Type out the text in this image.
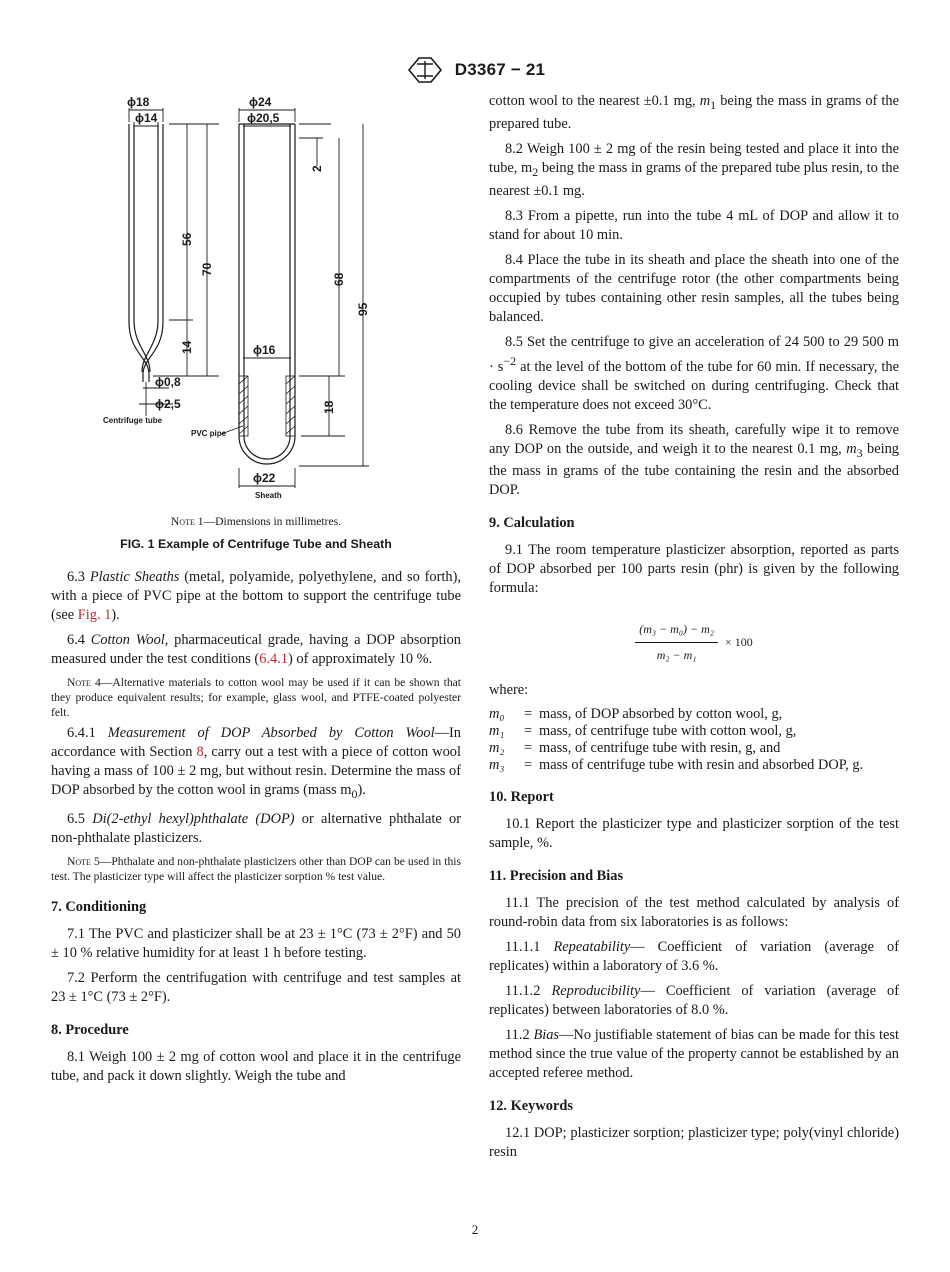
D3367 − 21
ϕ18
ϕ14
56
70
14
ϕ0,8
ϕ2,5
Centrifuge tube
ϕ24
ϕ20,5
2
68
95
ϕ16
18
ϕ22
PVC pipe
Sheath

Note 1—Dimensions in millimetres.

FIG. 1 Example of Centrifuge Tube and Sheath

6.3 Plastic Sheaths (metal, polyamide, polyethylene, and so forth), with a piece of PVC pipe at the bottom to support the centrifuge tube (see Fig. 1).

6.4 Cotton Wool, pharmaceutical grade, having a DOP absorption measured under the test conditions (6.4.1) of approximately 10 %.

Note 4—Alternative materials to cotton wool may be used if it can be shown that they produce equivalent results; for example, glass wool, and PTFE-coated polyester felt.

6.4.1 Measurement of DOP Absorbed by Cotton Wool—In accordance with Section 8, carry out a test with a piece of cotton wool having a mass of 100 ± 2 mg, but without resin. Determine the mass of DOP absorbed by the cotton wool in grams (mass $m_0$).

6.5 Di(2-ethyl hexyl)phthalate (DOP) or alternative phthalate or non-phthalate plasticizers.

Note 5—Phthalate and non-phthalate plasticizers other than DOP can be used in this test. The plasticizer type will affect the plasticizer sorption % test value.

7. Conditioning

7.1 The PVC and plasticizer shall be at 23 ± 1°C (73 ± 2°F) and 50 ± 10 % relative humidity for at least 1 h before testing.

7.2 Perform the centrifugation with centrifuge and test samples at 23 ± 1°C (73 ± 2°F).

8. Procedure

8.1 Weigh 100 ± 2 mg of cotton wool and place it in the centrifuge tube, and pack it down slightly. Weigh the tube and

cotton wool to the nearest ±0.1 mg, $m_1$ being the mass in grams of the prepared tube.

8.2 Weigh 100 ± 2 mg of the resin being tested and place it into the tube, $m_2$ being the mass in grams of the prepared tube plus resin, to the nearest ±0.1 mg.

8.3 From a pipette, run into the tube 4 mL of DOP and allow it to stand for about 10 min.

8.4 Place the tube in its sheath and place the sheath into one of the compartments of the centrifuge rotor (the other compartments being occupied by tubes containing other resin samples, all the tubes being balanced.

8.5 Set the centrifuge to give an acceleration of 24 500 to 29 500 $m \cdot s^{-2}$ at the level of the bottom of the tube for 60 min. If necessary, the cooling device shall be switched on during centrifuging. Check that the temperature does not exceed 30°C.

8.6 Remove the tube from its sheath, carefully wipe it to remove any DOP on the outside, and weigh it to the nearest 0.1 mg, $m_3$ being the mass in grams of the tube containing the resin and the absorbed DOP.

9. Calculation

9.1 The room temperature plasticizer absorption, reported as parts of DOP absorbed per 100 parts resin (phr) is given by the following formula:

$\frac{\text{(m₃ − m₀) − m₂}}{\text{m₂ − m₁}} \times 100$

where:

m₀	=	mass, of DOP absorbed by cotton wool, g,
m₁	=	mass, of centrifuge tube with cotton wool, g,
m₂	=	mass, of centrifuge tube with resin, g, and
m₃	=	mass of centrifuge tube with resin and absorbed DOP, g.

10. Report

10.1 Report the plasticizer type and plasticizer sorption of the test sample, %.

11. Precision and Bias

11.1 The precision of the test method calculated by analysis of round-robin data from six laboratories is as follows:

11.1.1 Repeatability— Coefficient of variation (average of replicates) within a laboratory of 3.6 %.

11.1.2 Reproducibility— Coefficient of variation (average of replicates) between laboratories of 8.0 %.

11.2 Bias—No justifiable statement of bias can be made for this test method since the true value of the property cannot be established by an accepted referee method.

12. Keywords

12.1 DOP; plasticizer sorption; plasticizer type; poly(vinyl chloride) resin

2
